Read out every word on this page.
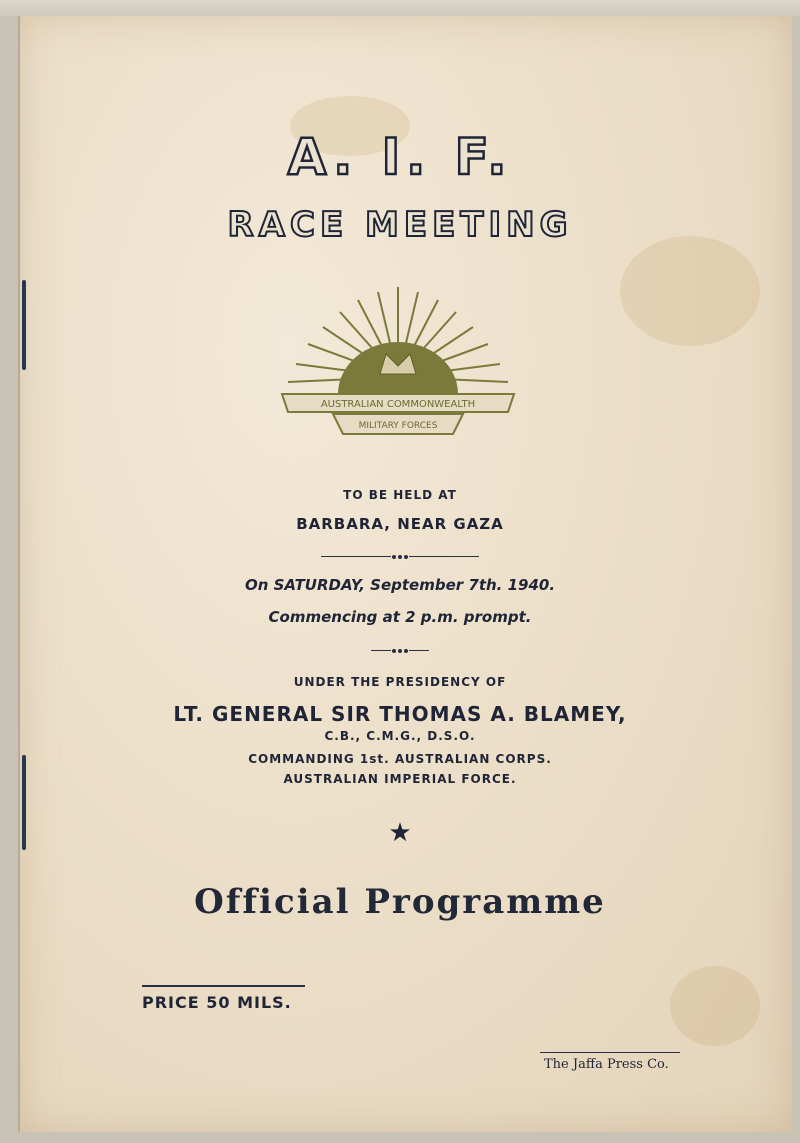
A. I. F.
RACE MEETING
AUSTRALIAN COMMONWEALTH
MILITARY FORCES
TO BE HELD AT
BARBARA, NEAR GAZA
On SATURDAY, September 7th. 1940.
Commencing at 2 p.m. prompt.
UNDER THE PRESIDENCY OF
LT. GENERAL SIR THOMAS A. BLAMEY,
C.B., C.M.G., D.S.O.
COMMANDING 1st. AUSTRALIAN CORPS.
AUSTRALIAN IMPERIAL FORCE.
★
Official Programme
PRICE 50 MILS.
The Jaffa Press Co.
